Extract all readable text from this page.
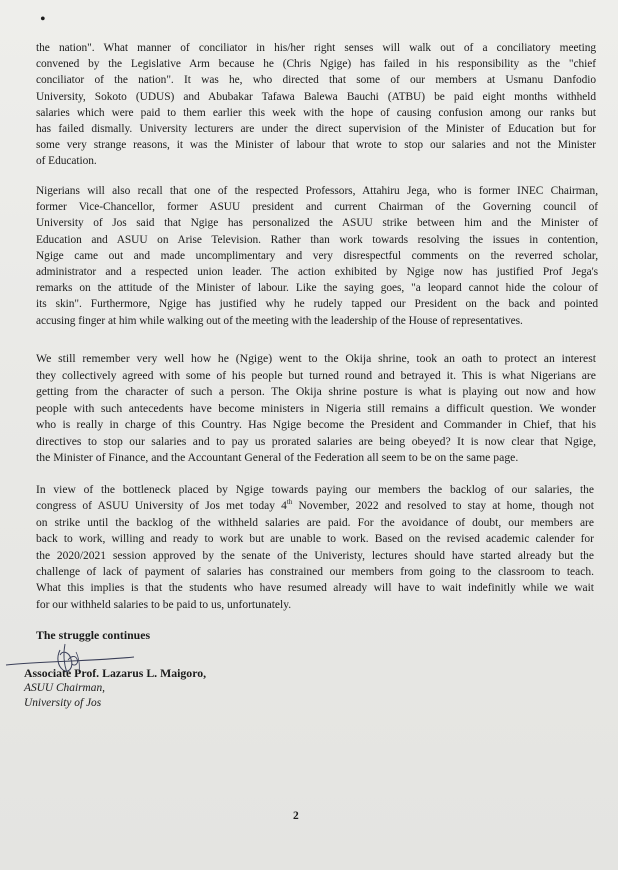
•

the nation". What manner of conciliator in his/her right senses will walk out of a conciliatory meeting
convened by the Legislative Arm because he (Chris Ngige) has failed in his responsibility as the "chief
conciliator of the nation". It was he, who directed that some of our members at Usmanu Danfodio
University, Sokoto (UDUS) and Abubakar Tafawa Balewa Bauchi (ATBU) be paid eight months withheld
salaries which were paid to them earlier this week with the hope of causing confusion among our ranks but
has failed dismally. University lecturers are under the direct supervision of the Minister of Education but for
some very strange reasons, it was the Minister of labour that wrote to stop our salaries and not the Minister
of Education.

Nigerians will also recall that one of the respected Professors, Attahiru Jega, who is former INEC Chairman,
former Vice-Chancellor, former ASUU president and current Chairman of the Governing council of
University of Jos said that Ngige has personalized the ASUU strike between him and the Minister of
Education and ASUU on Arise Television. Rather than work towards resolving the issues in contention,
Ngige came out and made uncomplimentary and very disrespectful comments on the reverred scholar,
administrator and a respected union leader. The action exhibited by Ngige now has justified Prof Jega's
remarks on the attitude of the Minister of labour. Like the saying goes, "a leopard cannot hide the colour of
its skin". Furthermore, Ngige has justified why he rudely tapped our President on the back and pointed
accusing finger at him while walking out of the meeting with the leadership of the House of representatives.

We still remember very well how he (Ngige) went to the Okija shrine, took an oath to protect an interest
they collectively agreed with some of his people but turned round and betrayed it. This is what Nigerians are
getting from the character of such a person. The Okija shrine posture is what is playing out now and how
people with such antecedents have become ministers in Nigeria still remains a difficult question. We wonder
who is really in charge of this Country. Has Ngige become the President and Commander in Chief, that his
directives to stop our salaries and to pay us prorated salaries are being obeyed? It is now clear that Ngige,
the Minister of Finance, and the Accountant General of the Federation all seem to be on the same page.

In view of the bottleneck placed by Ngige towards paying our members the backlog of our salaries, the
congress of ASUU University of Jos met today 4th November, 2022 and resolved to stay at home, though not
on strike until the backlog of the withheld salaries are paid. For the avoidance of doubt, our members are
back to work, willing and ready to work but are unable to work. Based on the revised academic calender for
the 2020/2021 session approved by the senate of the Univeristy, lectures should have started already but the
challenge of lack of payment of salaries has constrained our members from going to the classroom to teach.
What this implies is that the students who have resumed already will have to wait indefinitly while we wait
for our withheld salaries to be paid to us, unfortunately.

The struggle continues
Associate Prof. Lazarus L. Maigoro,
ASUU Chairman,
University of Jos
2
